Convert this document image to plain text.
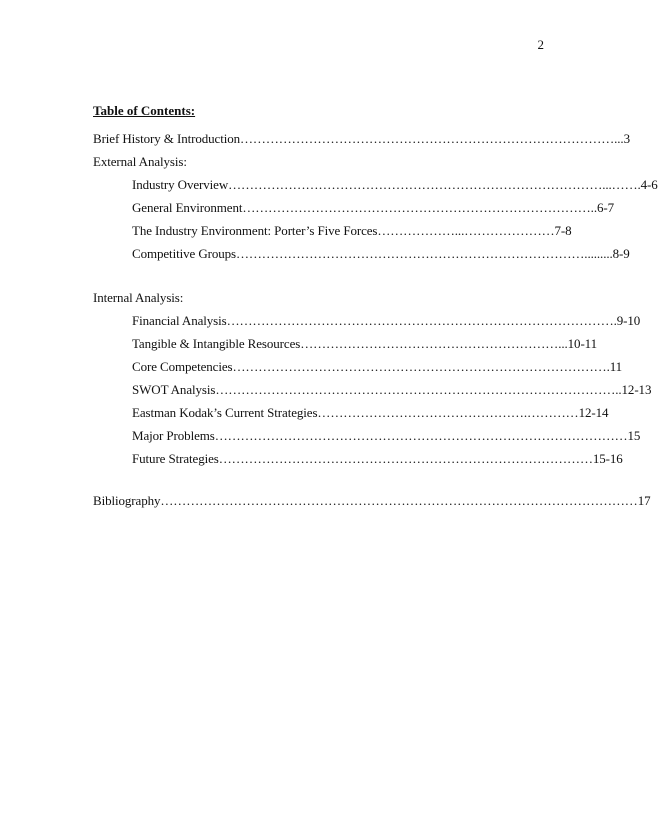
2
Table of Contents:
Brief History & Introduction……………………………………………………………………………...3
External Analysis:
Industry Overview……………………………………………………………………………...…….4-6
General Environment………………………………………………………………………..6-7
The Industry Environment: Porter’s Five Forces………………...…………………7-8
Competitive Groups……………………………………………………………………….........8-9
Internal Analysis:
Financial Analysis……………………………………………………………………………….9-10
Tangible & Intangible Resources……………………………………………………...10-11
Core Competencies…………………………………………………………………………….11
SWOT Analysis…………………………………………………………………………………..12-13
Eastman Kodak’s Current Strategies………………………………………….…………12-14
Major Problems……………………………………………………………………………………15
Future Strategies……………………………………………………………………………15-16
Bibliography…………………………………………………………………………………………………17
